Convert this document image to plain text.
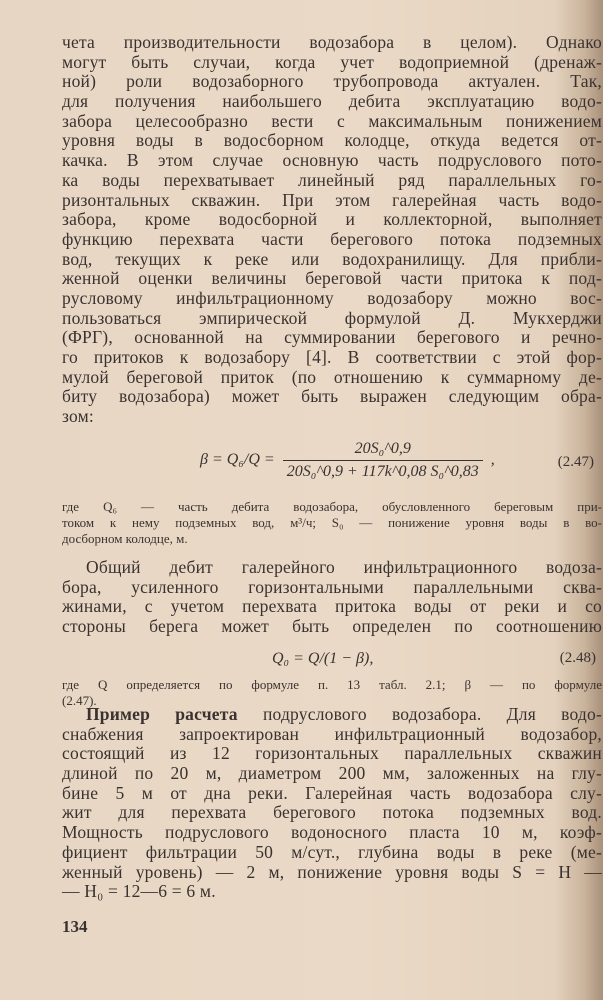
чета производительности водозабора в целом). Однако
могут быть случаи, когда учет водоприемной (дренаж-
ной) роли водозаборного трубопровода актуален. Так,
для получения наибольшего дебита эксплуатацию водо-
забора целесообразно вести с максимальным понижением
уровня воды в водосборном колодце, откуда ведется от-
качка. В этом случае основную часть подруслового пото-
ка воды перехватывает линейный ряд параллельных го-
ризонтальных скважин. При этом галерейная часть водо-
забора, кроме водосборной и коллекторной, выполняет
функцию перехвата части берегового потока подземных
вод, текущих к реке или водохранилищу. Для прибли-
женной оценки величины береговой части притока к под-
русловому инфильтрационному водозабору можно вос-
пользоваться эмпирической формулой Д. Мукхерджи
(ФРГ), основанной на суммировании берегового и речно-
го притоков к водозабору [4]. В соответствии с этой фор-
мулой береговой приток (по отношению к суммарному де-
биту водозабора) может быть выражен следующим обра-
зом:
$\beta = Q_6/Q = \frac{\text{20S₀\textasciicircum{}0,9}}{\text{20S₀\textasciicircum{}0,9 + 117k\textasciicircum{}0,08 S₀\textasciicircum{}0,83}}$ ,	(2.47)
где Q₆ — часть дебита водозабора, обусловленного береговым при-
током к нему подземных вод, м³/ч; S₀ — понижение уровня воды в во-
досборном колодце, м.
Общий дебит галерейного инфильтрационного водоза-
бора, усиленного горизонтальными параллельными сква-
жинами, с учетом перехвата притока воды от реки и со
стороны берега может быть определен по соотношению
Q₀ = Q/(1 − β),	(2.48)
где Q определяется по формуле п. 13 табл. 2.1; β — по формуле
(2.47).
Пример расчета подруслового водозабора. Для водо-
снабжения запроектирован инфильтрационный водозабор,
состоящий из 12 горизонтальных параллельных скважин
длиной по 20 м, диаметром 200 мм, заложенных на глу-
бине 5 м от дна реки. Галерейная часть водозабора слу-
жит для перехвата берегового потока подземных вод.
Мощность подруслового водоносного пласта 10 м, коэф-
фициент фильтрации 50 м/сут., глубина воды в реке (ме-
женный уровень) — 2 м, понижение уровня воды S = H —
— H₀ = 12—6 = 6 м.
134
